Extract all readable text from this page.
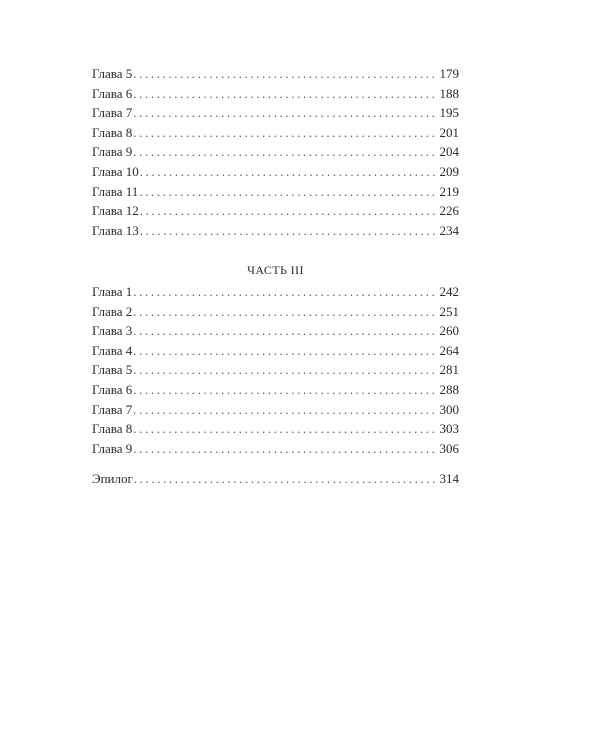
Глава 5 .....	179
Глава 6 .....	188
Глава 7 .....	195
Глава 8 .....	201
Глава 9 .....	204
Глава 10 .....	209
Глава 11 .....	219
Глава 12 .....	226
Глава 13 .....	234
ЧАСТЬ III
Глава 1 .....	242
Глава 2 .....	251
Глава 3 .....	260
Глава 4 .....	264
Глава 5 .....	281
Глава 6 .....	288
Глава 7 .....	300
Глава 8 .....	303
Глава 9 .....	306
Эпилог .....	314
